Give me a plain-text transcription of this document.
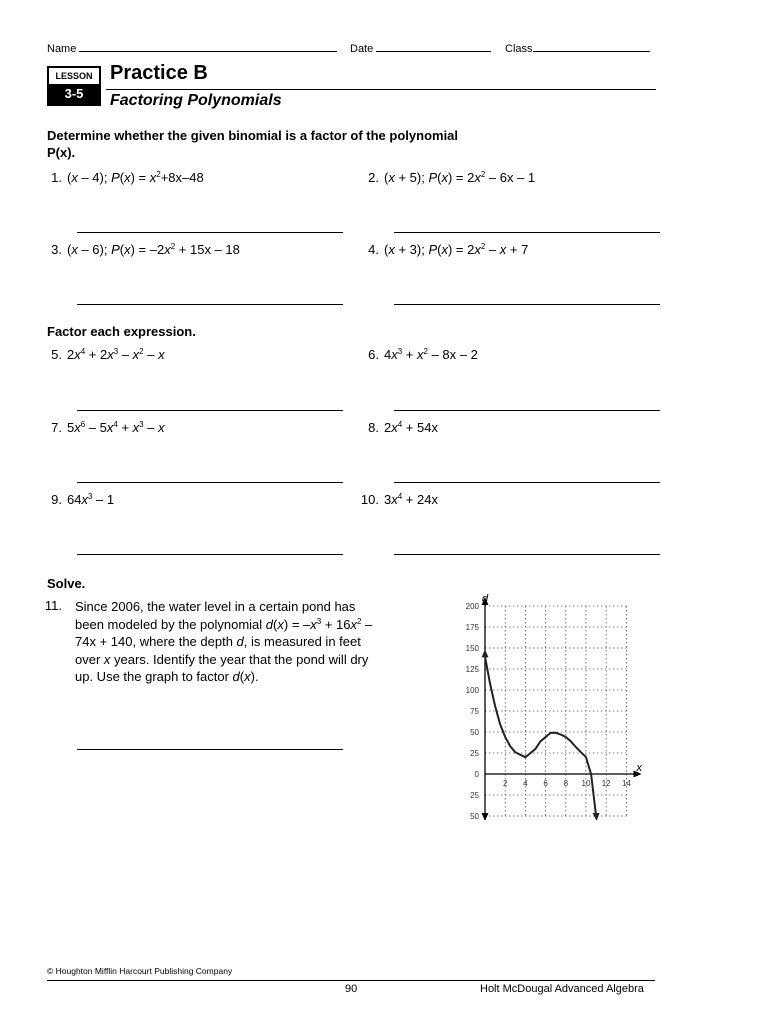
Name	Date	Class
LESSON
3-5
Practice B
Factoring Polynomials
Determine whether the given binomial is a factor of the polynomial
P(x).
1. (x – 4); $P(x) = x^2+8x-48$	2. (x + 5); $P(x) = 2x^2 - 6x - 1$
3. (x – 6); $P(x) = -2x^2 + 15x - 18$	4. (x + 3); $P(x) = 2x^2 - x + 7$
Factor each expression.
5. $2x^4 + 2x^3 - x^2 - x$	6. $4x^3 + x^2 - 8x - 2$
7. $5x^6 - 5x^4 + x^3 - x$	8. $2x^4 + 54x$
9. $64x^3 - 1$	10. $3x^4 + 24x$
Solve.
11.	Since 2006, the water level in a certain pond has been modeled by the polynomial $d(x) = -x^3 + 16x^2 - 74x + 140$, where the depth d, is measured in feet over x years. Identify the year that the pond will dry up. Use the graph to factor d(x).
200
175
150
125
100
75
50
25
0
25
50
2 4 6 8 10 12 14
d
x
© Houghton Mifflin Harcourt Publishing Company
90	Holt McDougal Advanced Algebra
